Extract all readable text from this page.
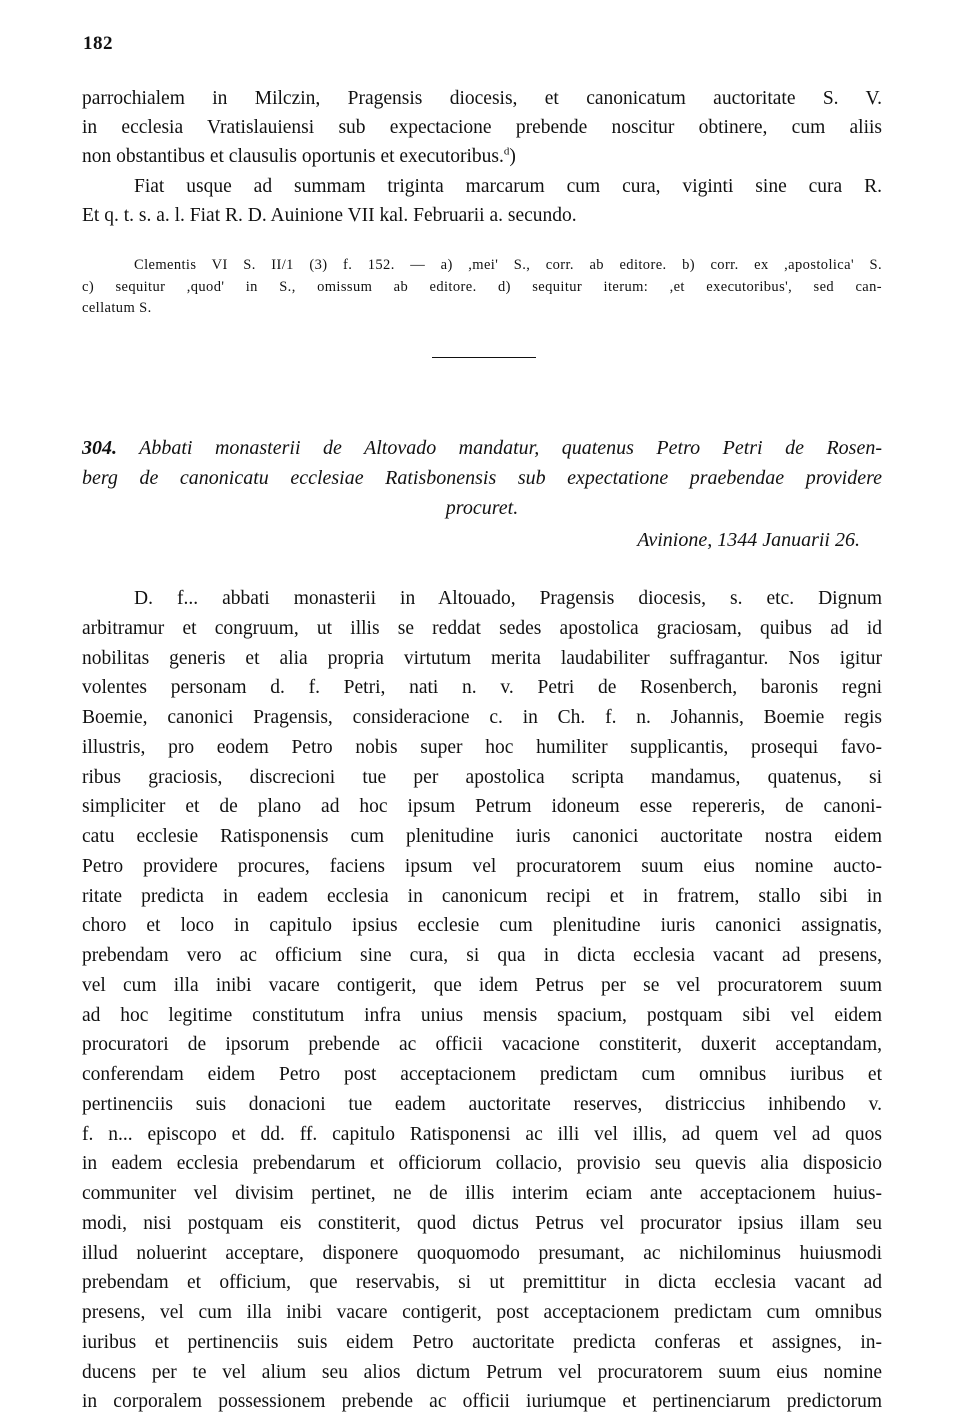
182
parrochialem in Milczin, Pragensis diocesis, et canonicatum auctoritate S. V.
in ecclesia Vratislauiensi sub expectacione prebende noscitur obtinere, cum aliis
non obstantibus et clausulis oportunis et executoribus.$^d$)
Fiat usque ad summam triginta marcarum cum cura, viginti sine cura R.
Et q. t. s. a. l. Fiat R. D. Auinione VII kal. Februarii a. secundo.
Clementis VI S. II/1 (3) f. 152. — a) ,mei' S., corr. ab editore. b) corr. ex ,apostolica' S.
c) sequitur ,quod' in S., omissum ab editore. d) sequitur iterum: ,et executoribus', sed can-
cellatum S.
304. Abbati monasterii de Altovado mandatur, quatenus Petro Petri de Rosen-
berg de canonicatu ecclesiae Ratisbonensis sub expectatione praebendae providere
procuret.
Avinione, 1344 Januarii 26.
D. f... abbati monasterii in Altouado, Pragensis diocesis, s. etc. Dignum
arbitramur et congruum, ut illis se reddat sedes apostolica graciosam, quibus ad id
nobilitas generis et alia propria virtutum merita laudabiliter suffragantur. Nos igitur
volentes personam d. f. Petri, nati n. v. Petri de Rosenberch, baronis regni
Boemie, canonici Pragensis, consideracione c. in Ch. f. n. Johannis, Boemie regis
illustris, pro eodem Petro nobis super hoc humiliter supplicantis, prosequi favo-
ribus graciosis, discrecioni tue per apostolica scripta mandamus, quatenus, si
simpliciter et de plano ad hoc ipsum Petrum idoneum esse repereris, de canoni-
catu ecclesie Ratisponensis cum plenitudine iuris canonici auctoritate nostra eidem
Petro providere procures, faciens ipsum vel procuratorem suum eius nomine aucto-
ritate predicta in eadem ecclesia in canonicum recipi et in fratrem, stallo sibi in
choro et loco in capitulo ipsius ecclesie cum plenitudine iuris canonici assignatis,
prebendam vero ac officium sine cura, si qua in dicta ecclesia vacant ad presens,
vel cum illa inibi vacare contigerit, que idem Petrus per se vel procuratorem suum
ad hoc legitime constitutum infra unius mensis spacium, postquam sibi vel eidem
procuratori de ipsorum prebende ac officii vacacione constiterit, duxerit acceptandam,
conferendam eidem Petro post acceptacionem predictam cum omnibus iuribus et
pertinenciis suis donacioni tue eadem auctoritate reserves, districcius inhibendo v.
f. n... episcopo et dd. ff. capitulo Ratisponensi ac illi vel illis, ad quem vel ad quos
in eadem ecclesia prebendarum et officiorum collacio, provisio seu quevis alia disposicio
communiter vel divisim pertinet, ne de illis interim eciam ante acceptacionem huius-
modi, nisi postquam eis constiterit, quod dictus Petrus vel procurator ipsius illam seu
illud noluerint acceptare, disponere quoquomodo presumant, ac nichilominus huiusmodi
prebendam et officium, que reservabis, si ut premittitur in dicta ecclesia vacant ad
presens, vel cum illa inibi vacare contigerit, post acceptacionem predictam cum omnibus
iuribus et pertinenciis suis eidem Petro auctoritate predicta conferas et assignes, in-
ducens per te vel alium seu alios dictum Petrum vel procuratorem suum eius nomine
in corporalem possessionem prebende ac officii iuriumque et pertinenciarum predictorum
